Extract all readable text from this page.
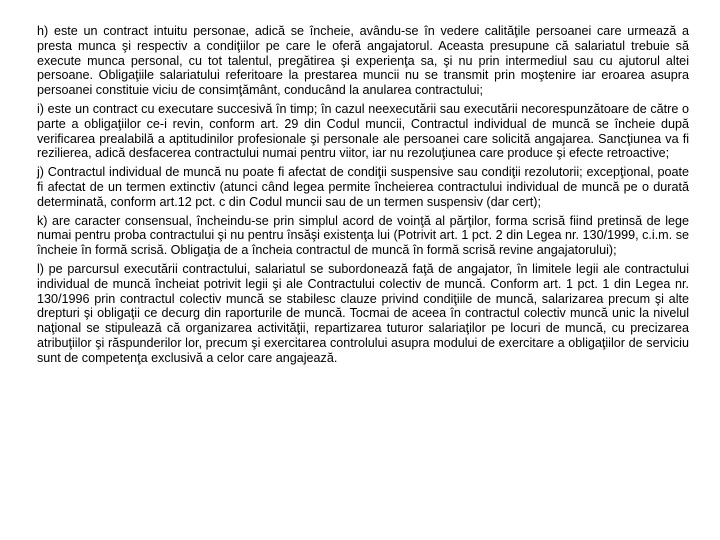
h) este un contract intuitu personae, adică se încheie, avându-se în vedere calităţile persoanei care urmează a presta munca şi respectiv a condiţiilor pe care le oferă angajatorul. Aceasta presupune că salariatul trebuie să execute munca personal, cu tot talentul, pregătirea şi experienţa sa, şi nu prin intermediul sau cu ajutorul altei persoane. Obligaţiile salariatului referitoare la prestarea muncii nu se transmit prin moştenire iar eroarea asupra persoanei constituie viciu de consimţământ, conducând la anularea contractului;

i) este un contract cu executare succesivă în timp; în cazul neexecutării sau executării necorespunzătoare de către o parte a obligaţiilor ce-i revin, conform art. 29 din Codul muncii, Contractul individual de muncă se încheie după verificarea prealabilă a aptitudinilor profesionale şi personale ale persoanei care solicită angajarea. Sancţiunea va fi rezilierea, adică desfacerea contractului numai pentru viitor, iar nu rezoluţiunea care produce şi efecte retroactive;

j) Contractul individual de muncă nu poate fi afectat de condiţii suspensive sau condiţii rezolutorii; excepţional, poate fi afectat de un termen extinctiv (atunci când legea permite încheierea contractului individual de muncă pe o durată determinată, conform art.12 pct. c din Codul muncii sau de un termen suspensiv (dar cert);

k) are caracter consensual, încheindu-se prin simplul acord de voinţă al părţilor, forma scrisă fiind pretinsă de lege numai pentru proba contractului şi nu pentru însăşi existenţa lui (Potrivit art. 1 pct. 2 din Legea nr. 130/1999, c.i.m. se încheie în formă scrisă. Obligaţia de a încheia contractul de muncă în formă scrisă revine angajatorului);

l) pe parcursul executării contractului, salariatul se subordonează faţă de angajator, în limitele legii ale contractului individual de muncă încheiat potrivit legii şi ale Contractului colectiv de muncă. Conform art. 1 pct. 1 din Legea nr. 130/1996 prin contractul colectiv muncă se stabilesc clauze privind condiţiile de muncă, salarizarea precum şi alte drepturi şi obligaţii ce decurg din raporturile de muncă. Tocmai de aceea în contractul colectiv muncă unic la nivelul naţional se stipulează că organizarea activităţii, repartizarea tuturor salariaţilor pe locuri de muncă, cu precizarea atribuţiilor şi răspunderilor lor, precum şi exercitarea controlului asupra modului de exercitare a obligaţiilor de serviciu sunt de competenţa exclusivă a celor care angajează.
